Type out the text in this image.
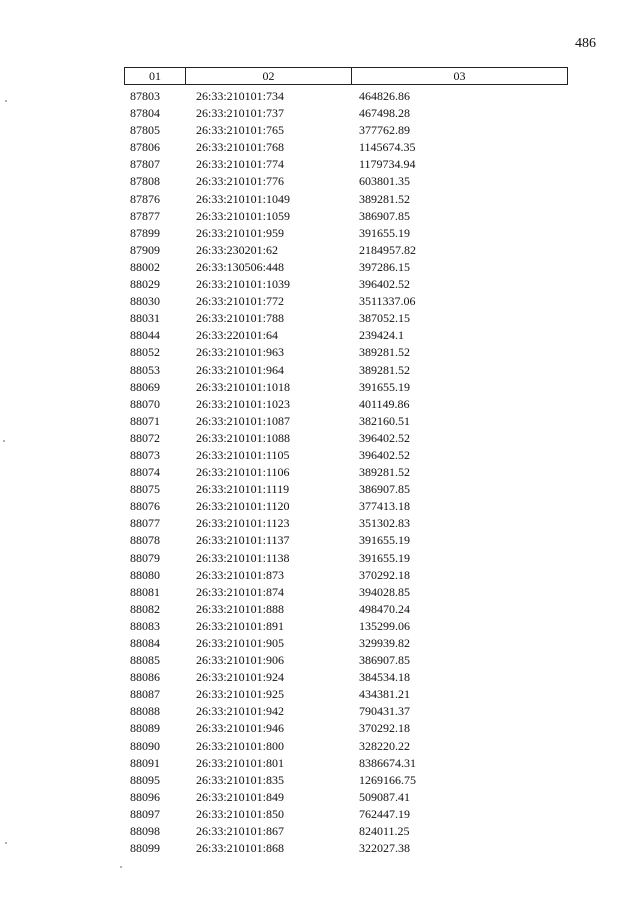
486
01	02	03
87803	26:33:210101:734	464826.86
87804	26:33:210101:737	467498.28
87805	26:33:210101:765	377762.89
87806	26:33:210101:768	1145674.35
87807	26:33:210101:774	1179734.94
87808	26:33:210101:776	603801.35
87876	26:33:210101:1049	389281.52
87877	26:33:210101:1059	386907.85
87899	26:33:210101:959	391655.19
87909	26:33:230201:62	2184957.82
88002	26:33:130506:448	397286.15
88029	26:33:210101:1039	396402.52
88030	26:33:210101:772	3511337.06
88031	26:33:210101:788	387052.15
88044	26:33:220101:64	239424.1
88052	26:33:210101:963	389281.52
88053	26:33:210101:964	389281.52
88069	26:33:210101:1018	391655.19
88070	26:33:210101:1023	401149.86
88071	26:33:210101:1087	382160.51
88072	26:33:210101:1088	396402.52
88073	26:33:210101:1105	396402.52
88074	26:33:210101:1106	389281.52
88075	26:33:210101:1119	386907.85
88076	26:33:210101:1120	377413.18
88077	26:33:210101:1123	351302.83
88078	26:33:210101:1137	391655.19
88079	26:33:210101:1138	391655.19
88080	26:33:210101:873	370292.18
88081	26:33:210101:874	394028.85
88082	26:33:210101:888	498470.24
88083	26:33:210101:891	135299.06
88084	26:33:210101:905	329939.82
88085	26:33:210101:906	386907.85
88086	26:33:210101:924	384534.18
88087	26:33:210101:925	434381.21
88088	26:33:210101:942	790431.37
88089	26:33:210101:946	370292.18
88090	26:33:210101:800	328220.22
88091	26:33:210101:801	8386674.31
88095	26:33:210101:835	1269166.75
88096	26:33:210101:849	509087.41
88097	26:33:210101:850	762447.19
88098	26:33:210101:867	824011.25
88099	26:33:210101:868	322027.38
